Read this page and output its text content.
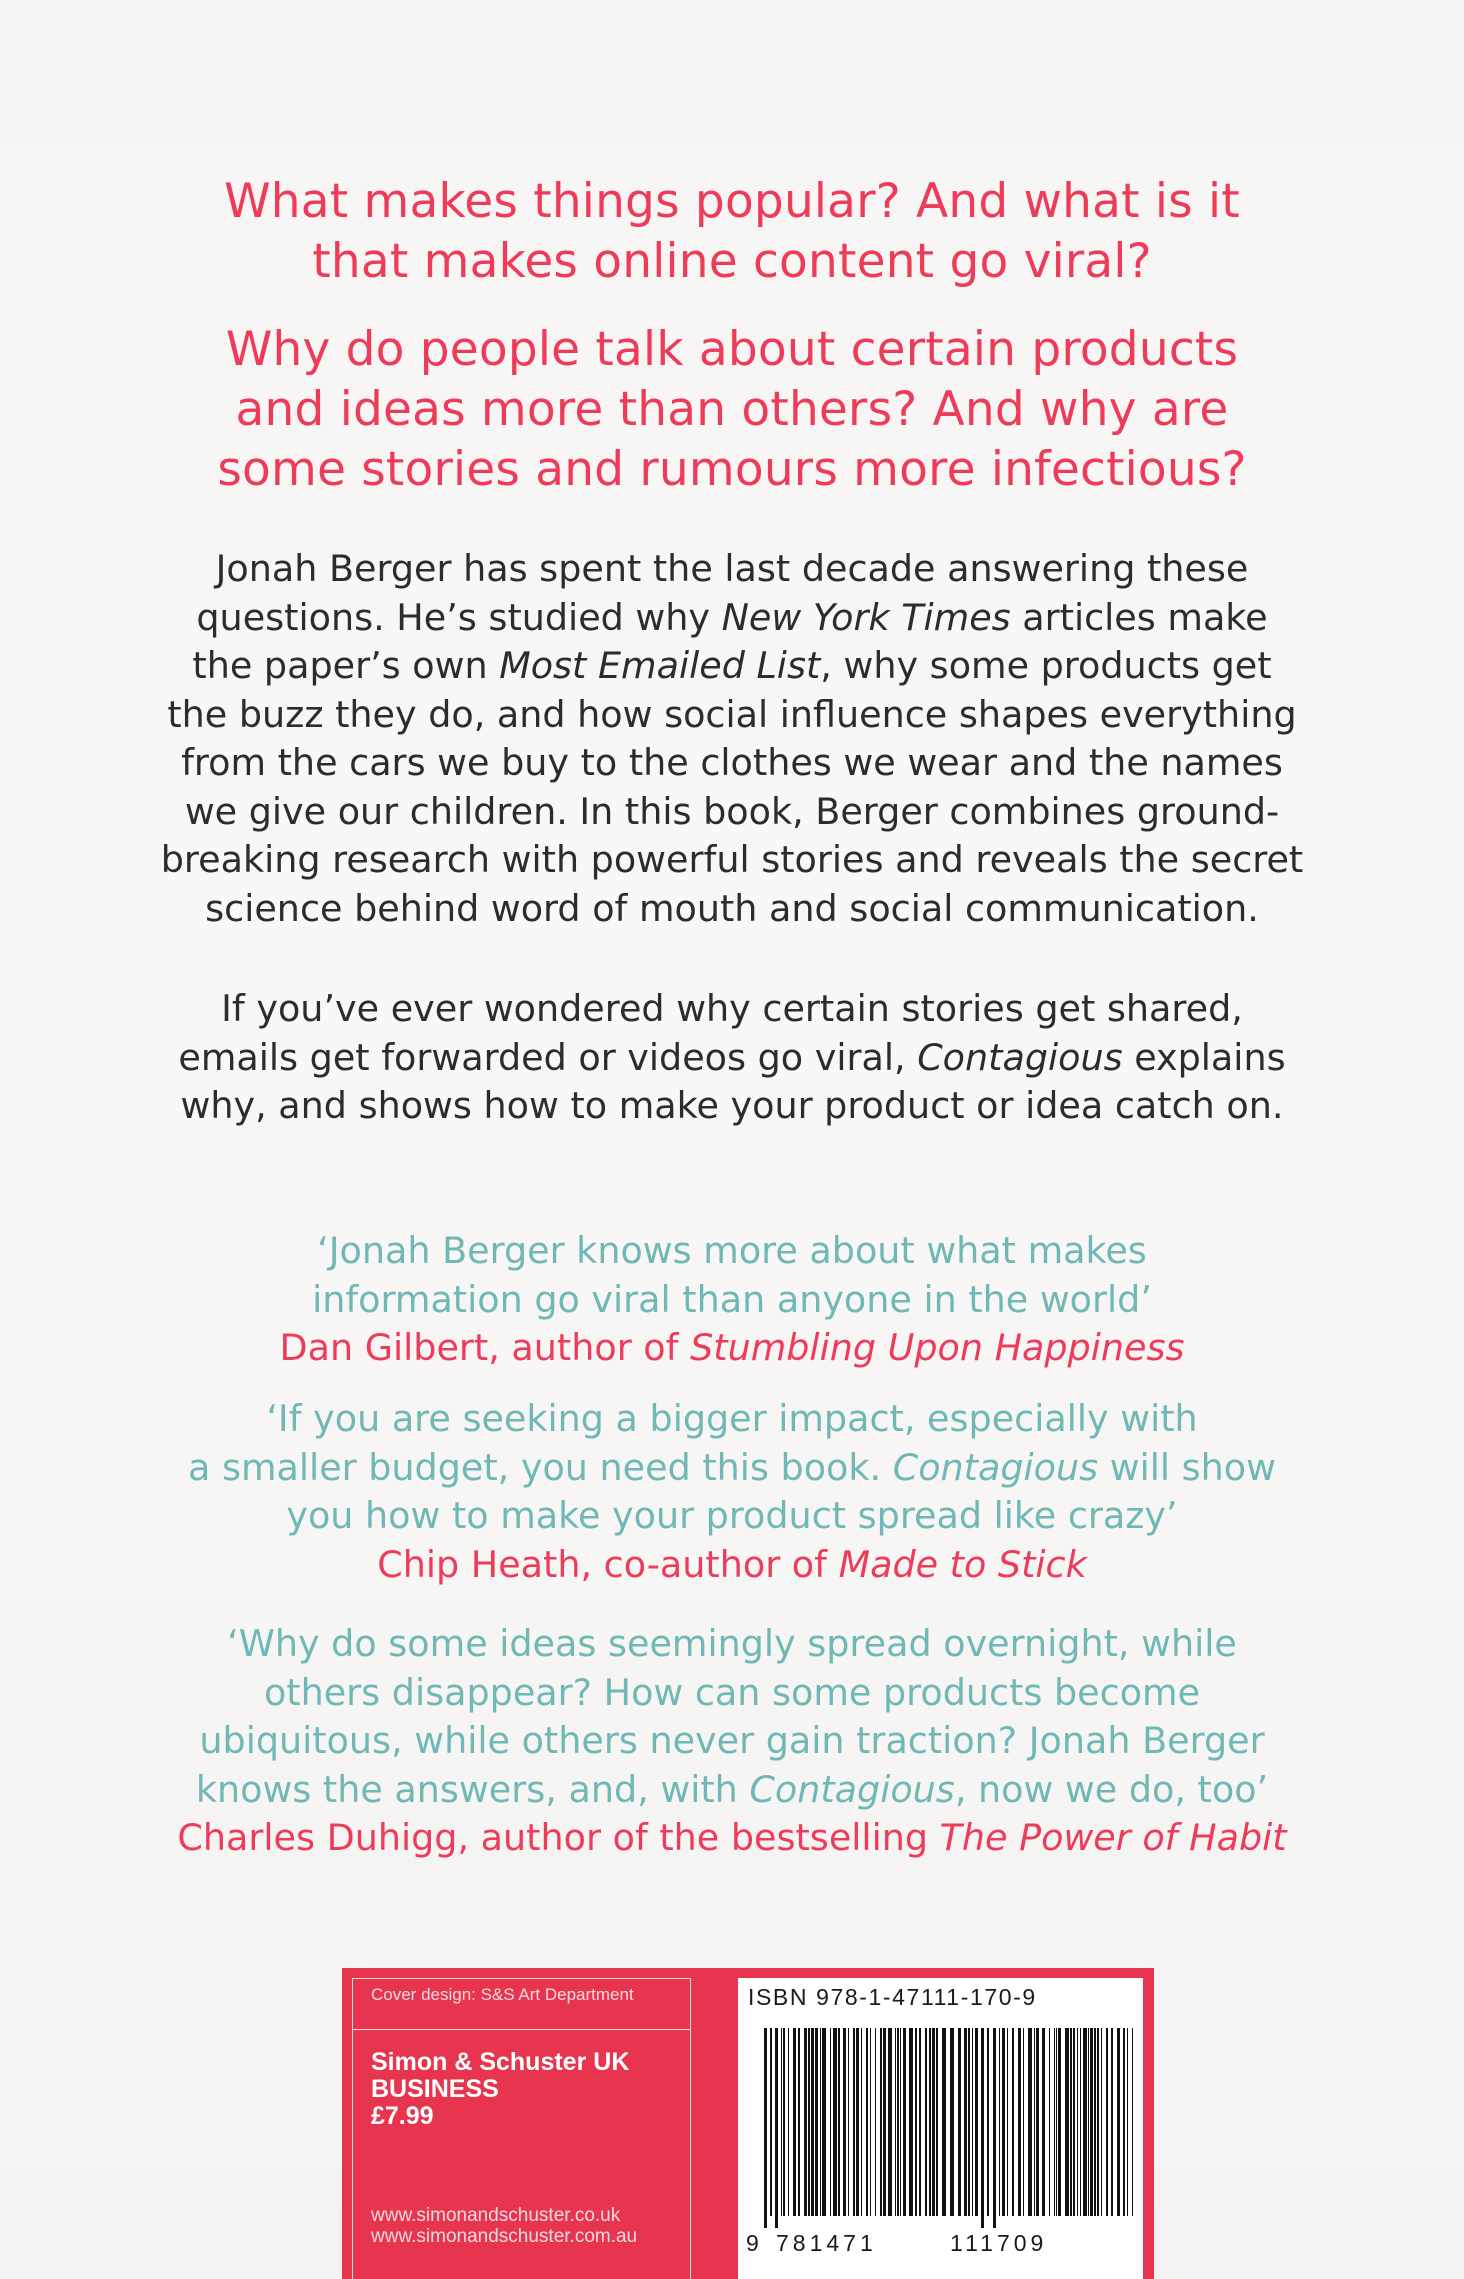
What makes things popular? And what is it
that makes online content go viral?
Why do people talk about certain products
and ideas more than others? And why are
some stories and rumours more infectious?
Jonah Berger has spent the last decade answering these
questions. He’s studied why New York Times articles make
the paper’s own Most Emailed List, why some products get
the buzz they do, and how social influence shapes everything
from the cars we buy to the clothes we wear and the names
we give our children. In this book, Berger combines ground-
breaking research with powerful stories and reveals the secret
science behind word of mouth and social communication.
If you’ve ever wondered why certain stories get shared,
emails get forwarded or videos go viral, Contagious explains
why, and shows how to make your product or idea catch on.
‘Jonah Berger knows more about what makes
information go viral than anyone in the world’
Dan Gilbert, author of Stumbling Upon Happiness
‘If you are seeking a bigger impact, especially with
a smaller budget, you need this book. Contagious will show
you how to make your product spread like crazy’
Chip Heath, co-author of Made to Stick
‘Why do some ideas seemingly spread overnight, while
others disappear? How can some products become
ubiquitous, while others never gain traction? Jonah Berger
knows the answers, and, with Contagious, now we do, too’
Charles Duhigg, author of the bestselling The Power of Habit
Cover design: S&S Art Department
Simon & Schuster UK
BUSINESS
£7.99
www.simonandschuster.co.uk
www.simonandschuster.com.au
ISBN 978-1-47111-170-9
9 781471	111709
